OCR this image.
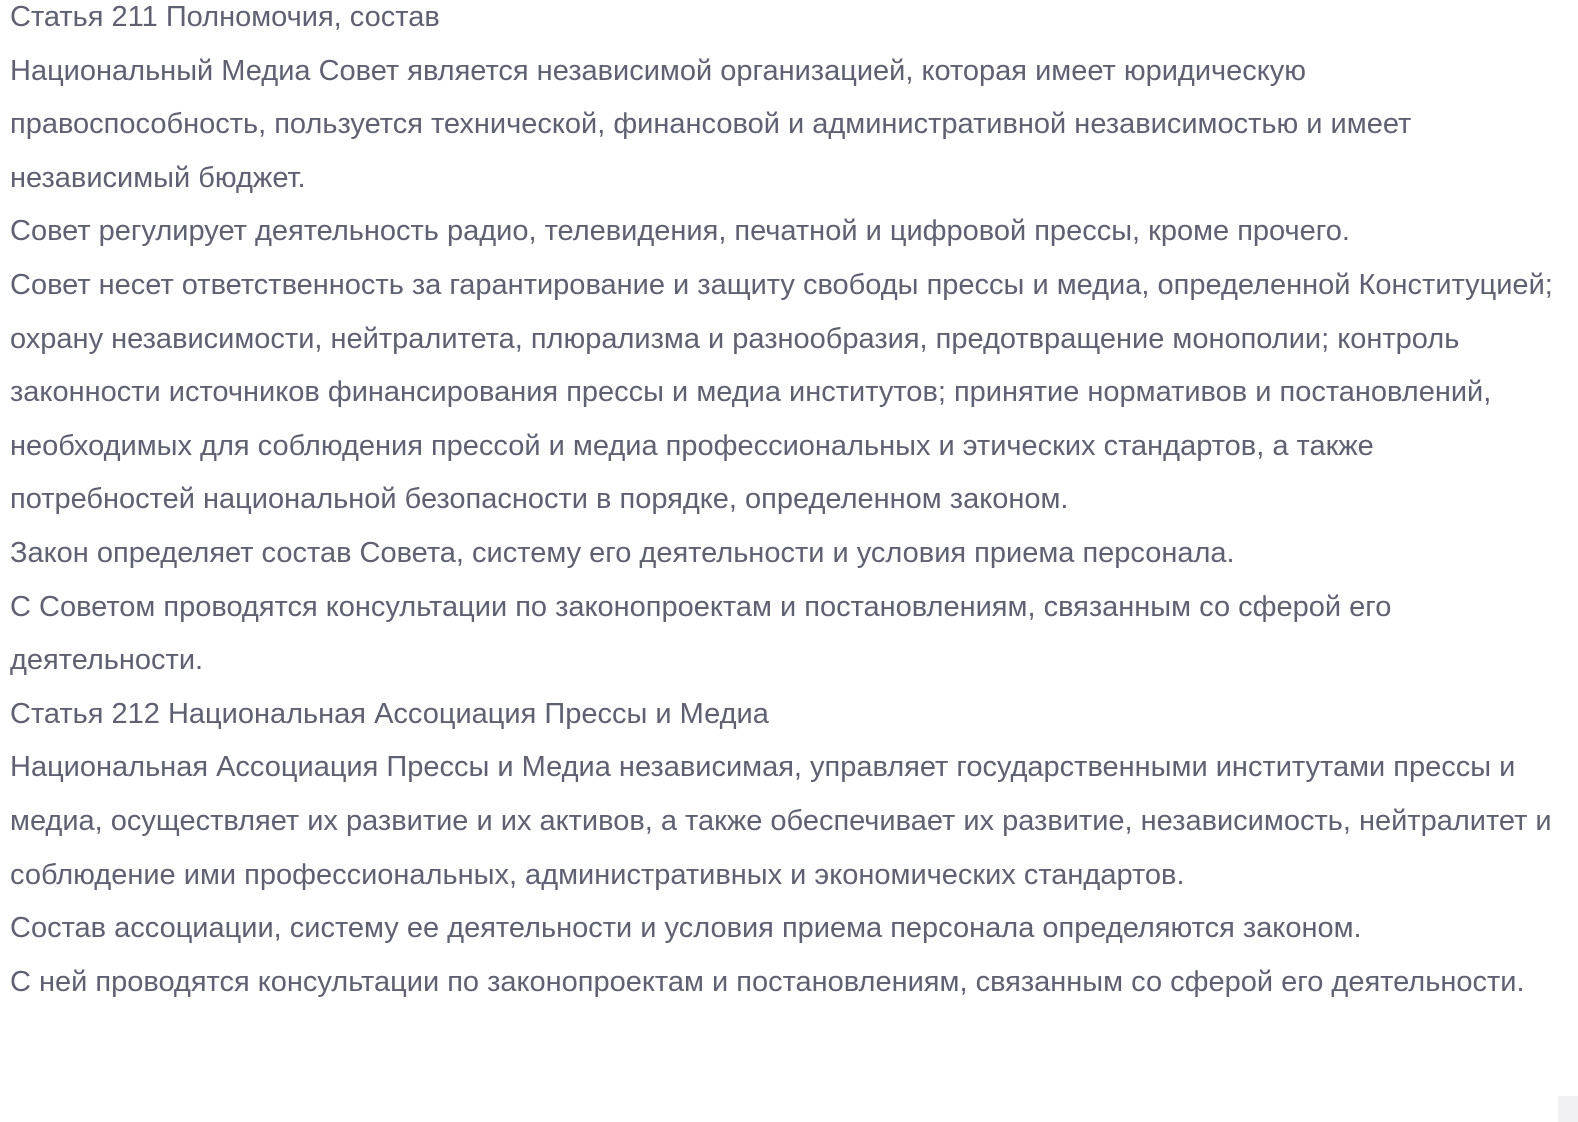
Статья 211 Полномочия, состав

Национальный Медиа Совет является независимой организацией, которая имеет юридическую правоспособность, пользуется технической, финансовой и административной независимостью и имеет независимый бюджет.

Совет регулирует деятельность радио, телевидения, печатной и цифровой прессы, кроме прочего.

Совет несет ответственность за гарантирование и защиту свободы прессы и медиа, определенной Конституцией; охрану независимости, нейтралитета, плюрализма и разнообразия, предотвращение монополии; контроль законности источников финансирования прессы и медиа институтов; принятие нормативов и постановлений, необходимых для соблюдения прессой и медиа профессиональных и этических стандартов, а также потребностей национальной безопасности в порядке, определенном законом.

Закон определяет состав Совета, систему его деятельности и условия приема персонала.

С Советом проводятся консультации по законопроектам и постановлениям, связанным со сферой его деятельности.

Статья 212 Национальная Ассоциация Прессы и Медиа

Национальная Ассоциация Прессы и Медиа независимая, управляет государственными институтами прессы и медиа, осуществляет их развитие и их активов, а также обеспечивает их развитие, независимость, нейтралитет и соблюдение ими профессиональных, административных и экономических стандартов.

Состав ассоциации, систему ее деятельности и условия приема персонала определяются законом.

С ней проводятся консультации по законопроектам и постановлениям, связанным со сферой его деятельности.
